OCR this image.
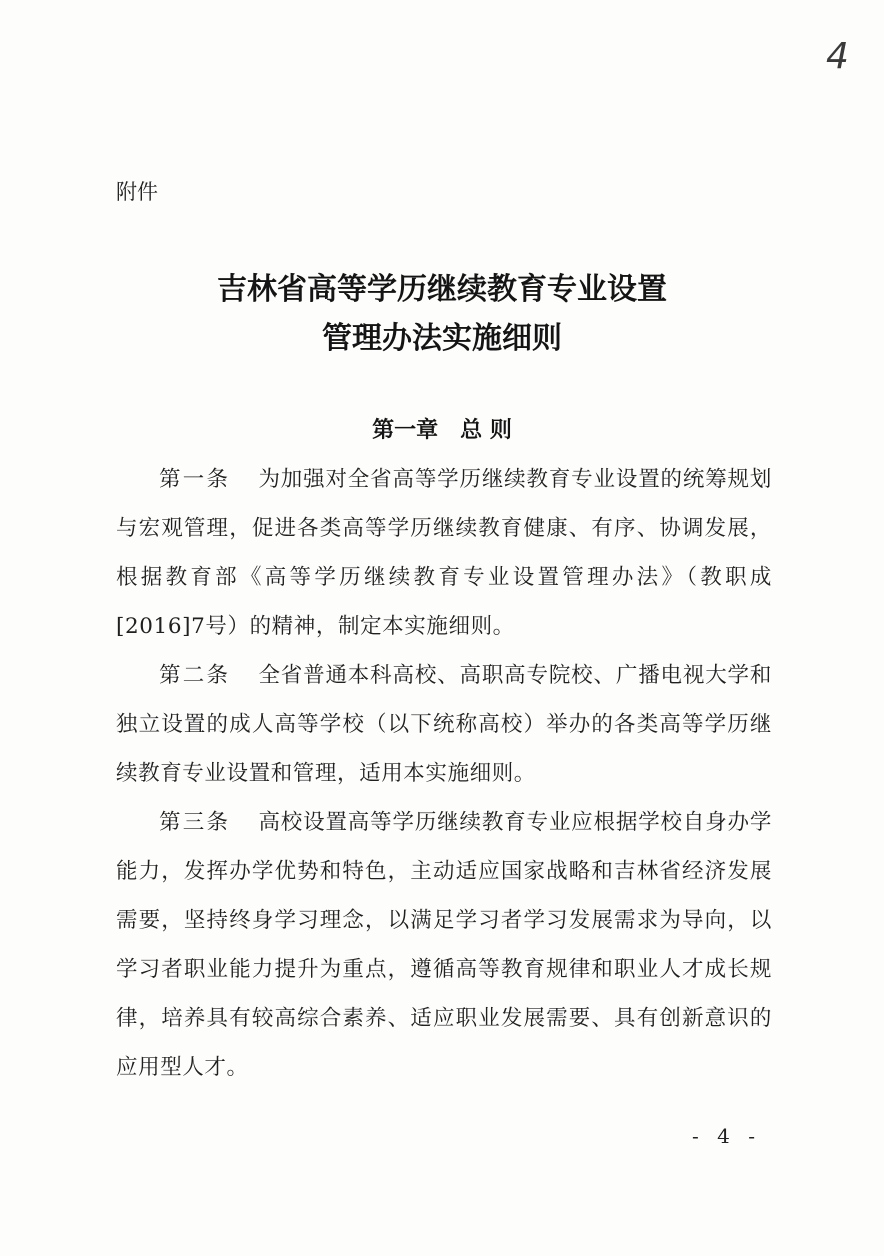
4
附件
吉林省高等学历继续教育专业设置
管理办法实施细则
第一章 总 则
第一条 为加强对全省高等学历继续教育专业设置的统筹规划与宏观管理，促进各类高等学历继续教育健康、有序、协调发展，根据教育部《高等学历继续教育专业设置管理办法》（教职成[2016]7号）的精神，制定本实施细则。
第二条 全省普通本科高校、高职高专院校、广播电视大学和独立设置的成人高等学校（以下统称高校）举办的各类高等学历继续教育专业设置和管理，适用本实施细则。
第三条 高校设置高等学历继续教育专业应根据学校自身办学能力，发挥办学优势和特色，主动适应国家战略和吉林省经济发展需要，坚持终身学习理念，以满足学习者学习发展需求为导向，以学习者职业能力提升为重点，遵循高等教育规律和职业人才成长规律，培养具有较高综合素养、适应职业发展需要、具有创新意识的应用型人才。
- 4 -
